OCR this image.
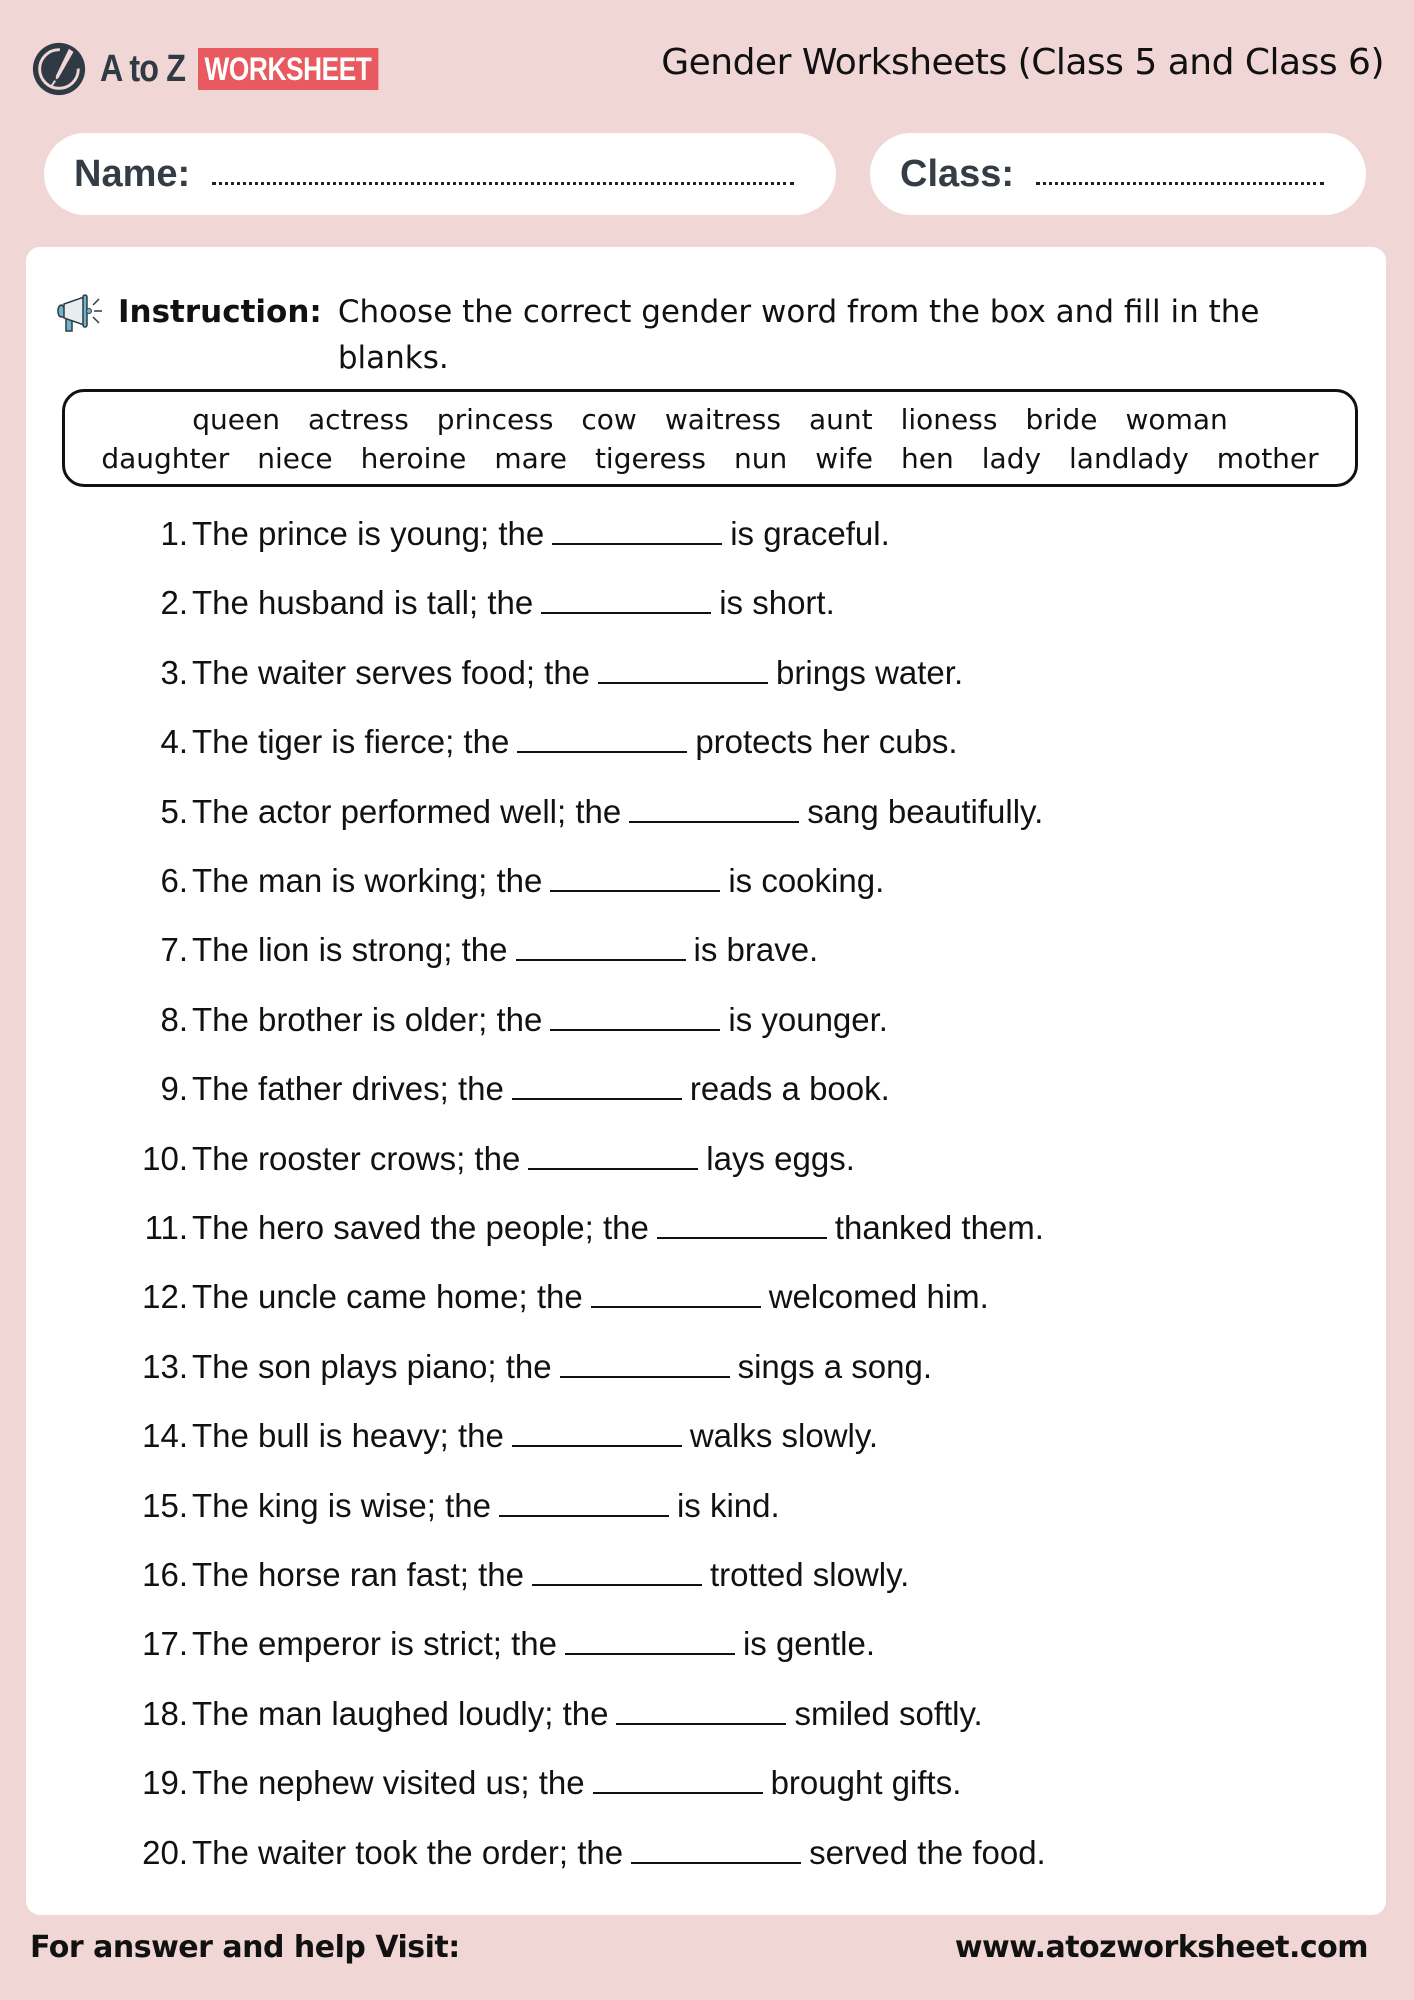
A to Z WORKSHEET	Gender Worksheets (Class 5 and Class 6)
Name:	Class:
Instruction: Choose the correct gender word from the box and fill in the blanks.
queen	actress	princess	cow	waitress	aunt	lioness	bride	woman
daughter	niece	heroine	mare	tigeress	nun	wife	hen	lady	landlady	mother
1. The prince is young; the	is graceful.
2. The husband is tall; the	is short.
3. The waiter serves food; the	brings water.
4. The tiger is fierce; the	protects her cubs.
5. The actor performed well; the	sang beautifully.
6. The man is working; the	is cooking.
7. The lion is strong; the	is brave.
8. The brother is older; the	is younger.
9. The father drives; the	reads a book.
10. The rooster crows; the	lays eggs.
11. The hero saved the people; the	thanked them.
12. The uncle came home; the	welcomed him.
13. The son plays piano; the	sings a song.
14. The bull is heavy; the	walks slowly.
15. The king is wise; the	is kind.
16. The horse ran fast; the	trotted slowly.
17. The emperor is strict; the	is gentle.
18. The man laughed loudly; the	smiled softly.
19. The nephew visited us; the	brought gifts.
20. The waiter took the order; the	served the food.
For answer and help Visit:	www.atozworksheet.com
